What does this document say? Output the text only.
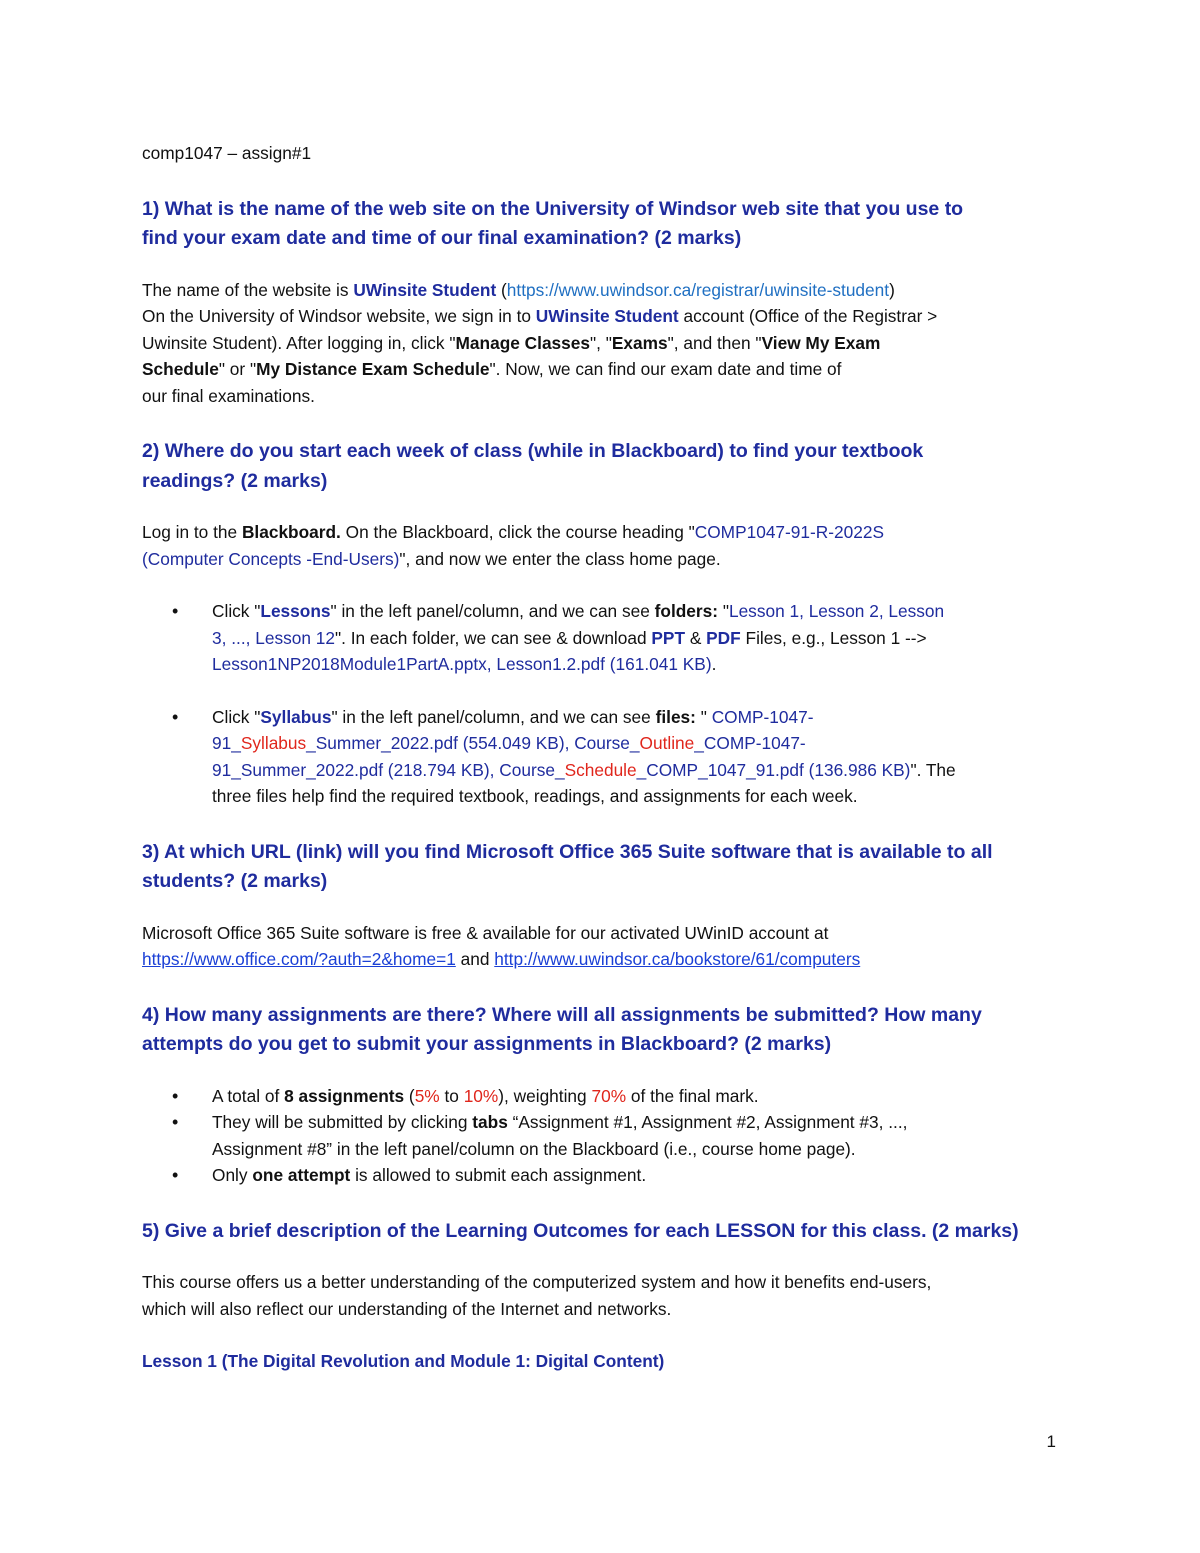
comp1047 – assign#1

1) What is the name of the web site on the University of Windsor web site that you use to
find your exam date and time of our final examination? (2 marks)

The name of the website is UWinsite Student (https://www.uwindsor.ca/registrar/uwinsite-student)
On the University of Windsor website, we sign in to UWinsite Student account (Office of the Registrar >
Uwinsite Student). After logging in, click "Manage Classes", "Exams", and then "View My Exam
Schedule" or "My Distance Exam Schedule". Now, we can find our exam date and time of
our final examinations.

2) Where do you start each week of class (while in Blackboard) to find your textbook
readings? (2 marks)

Log in to the Blackboard. On the Blackboard, click the course heading "COMP1047-91-R-2022S
(Computer Concepts -End-Users)", and now we enter the class home page.

• Click "Lessons" in the left panel/column, and we can see folders: "Lesson 1, Lesson 2, Lesson
3, ..., Lesson 12". In each folder, we can see & download PPT & PDF Files, e.g., Lesson 1 -->
Lesson1NP2018Module1PartA.pptx, Lesson1.2.pdf (161.041 KB).
• Click "Syllabus" in the left panel/column, and we can see files: " COMP-1047-
91_Syllabus_Summer_2022.pdf (554.049 KB), Course_Outline_COMP-1047-
91_Summer_2022.pdf (218.794 KB), Course_Schedule_COMP_1047_91.pdf (136.986 KB)". The
three files help find the required textbook, readings, and assignments for each week.

3) At which URL (link) will you find Microsoft Office 365 Suite software that is available to all
students? (2 marks)

Microsoft Office 365 Suite software is free & available for our activated UWinID account at
https://www.office.com/?auth=2&home=1 and http://www.uwindsor.ca/bookstore/61/computers

4) How many assignments are there? Where will all assignments be submitted? How many
attempts do you get to submit your assignments in Blackboard? (2 marks)

• A total of 8 assignments (5% to 10%), weighting 70% of the final mark.
• They will be submitted by clicking tabs “Assignment #1, Assignment #2, Assignment #3, ...,
Assignment #8” in the left panel/column on the Blackboard (i.e., course home page).
• Only one attempt is allowed to submit each assignment.

5) Give a brief description of the Learning Outcomes for each LESSON for this class. (2 marks)

This course offers us a better understanding of the computerized system and how it benefits end-users,
which will also reflect our understanding of the Internet and networks.

Lesson 1 (The Digital Revolution and Module 1: Digital Content)

1
